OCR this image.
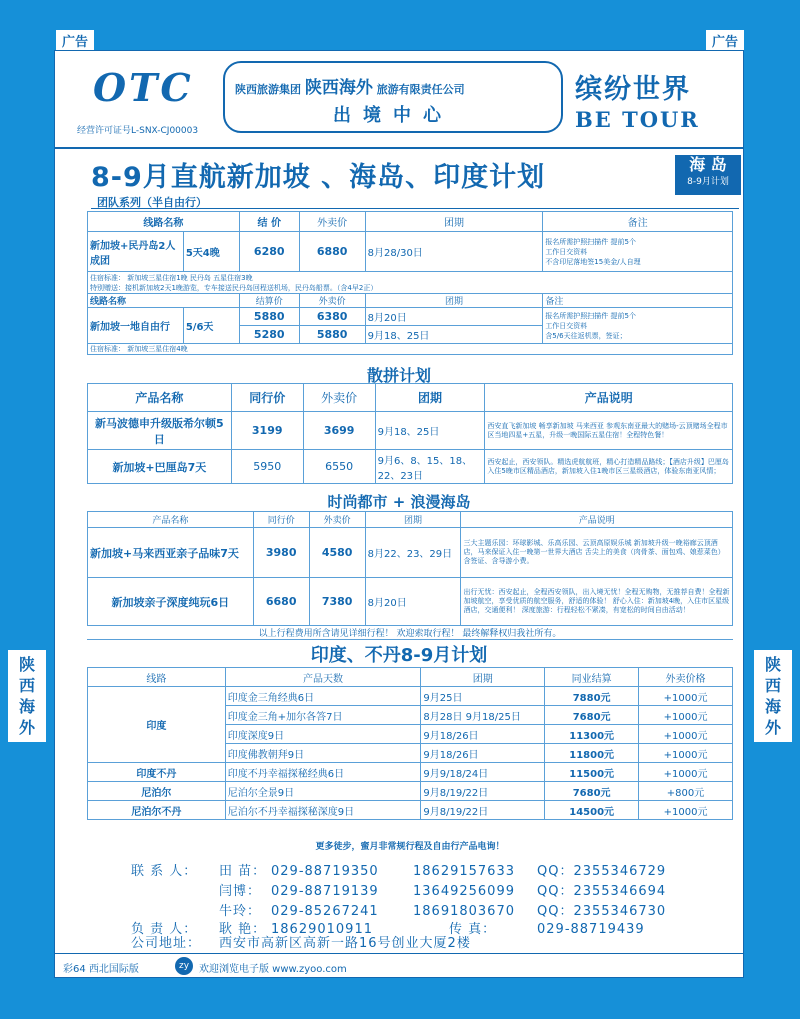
广告	广告
陕
西
海
外
陕
西
海
外
OTC
经营许可证号L-SNX-CJ00003
陕西旅游集团 陕西海外 旅游有限责任公司
出境中心
缤纷世界
BE TOUR
8-9月直航新加坡 、海岛、印度计划	海 岛
8-9月计划
团队系列（半自由行）
线路名称		结 价	外卖价	团期	备注
新加坡+民丹岛2人成团	5天4晚	6280	6880	8月28/30日	报名所需护照扫描件 提前5个
工作日交资料
不含印尼落地签15美金/人自理

住宿标准： 新加坡三星住宿1晚 民丹岛 五星住宿3晚
特别赠送：接机新加坡2天1晚游览，专车接送民丹岛回程送机场，民丹岛船票。（含4早2正）					

线路名称		结算价	外卖价	团期	备注
新加坡一地自由行	5/6天	5880	6380	8月20日	报名所需护照扫描件 提前5个
工作日交资料
含5/6天往返机票，签证；

		5280	5880	9月18、25日	
住宿标准： 新加坡三星住宿4晚					
散拼计划
产品名称	同行价	外卖价	团期	产品说明
新马波德申升级版希尔顿5日	3199	3699	9月18、25日	西安直飞新加坡 畅享新加坡 马来西亚 参观东南亚最大的赌场-云顶赌场全程市区当地四星+五星，升级一晚国际五星住宿！全程特色餐！
新加坡+巴厘岛7天	5950	6550	9月6、8、15、18、22、23日	西安起止，西安领队。精选虎航航班，精心打造精品路线；【酒店升级】巴厘岛入住5晚市区精品酒店，新加坡入住1晚市区三星级酒店，体验东南亚风情；
时尚都市 + 浪漫海岛
产品名称	同行价	外卖价	团期	产品说明
新加坡+马来西亚亲子品味7天	3980	4580	8月22、23、29日	三大主题乐园：环球影城、乐高乐园、云顶高原娱乐城 新加坡升级一晚裕廊云顶酒店，马来保证入住一晚第一世界大酒店 舌尖上的美食（肉骨茶、面包鸡、娘惹菜色） 含签证、含导游小费。
新加坡亲子深度纯玩6日	6680	7380	8月20日	出行无忧：西安起止，全程西安领队，出入境无忧！全程无购物，无推荐自费！全程新加坡航空，享受优质的航空服务，舒适的体验！ 舒心入住：新加坡4晚，入住市区星级酒店，交通便利！ 深度旅游：行程轻松不紧凑，有宽松的时间自由活动！
以上行程费用所含请见详细行程！ 欢迎索取行程！ 最终解释权归我社所有。
印度、不丹8-9月计划
线路	产品天数	团期	同业结算	外卖价格
印度	印度金三角经典6日	9月25日	7880元	+1000元
	印度金三角+加尔各答7日	8月28日 9月18/25日	7680元	+1000元
	印度深度9日	9月18/26日	11300元	+1000元
	印度佛教朝拜9日	9月18/26日	11800元	+1000元
印度不丹	印度不丹幸福探秘经典6日	9月9/18/24日	11500元	+1000元
尼泊尔	尼泊尔全景9日	9月8/19/22日	7680元	+800元
尼泊尔不丹	尼泊尔不丹幸福探秘深度9日	9月8/19/22日	14500元	+1000元
更多徒步，蜜月非常规行程及自由行产品电询！
联 系 人： 田 苗： 029-88719350	18629157633 QQ：2355346729
闫博： 029-88719139	13649256099 QQ：2355346694
牛玲： 029-85267241	18691803670 QQ：2355346730
彩64 西北国际版	zy 欢迎浏览电子版 www.zyoo.com
负 责 人： 耿 艳： 18629010911	传 真：	029-88719439
公司地址： 西安市高新区高新一路16号创业大厦2楼
